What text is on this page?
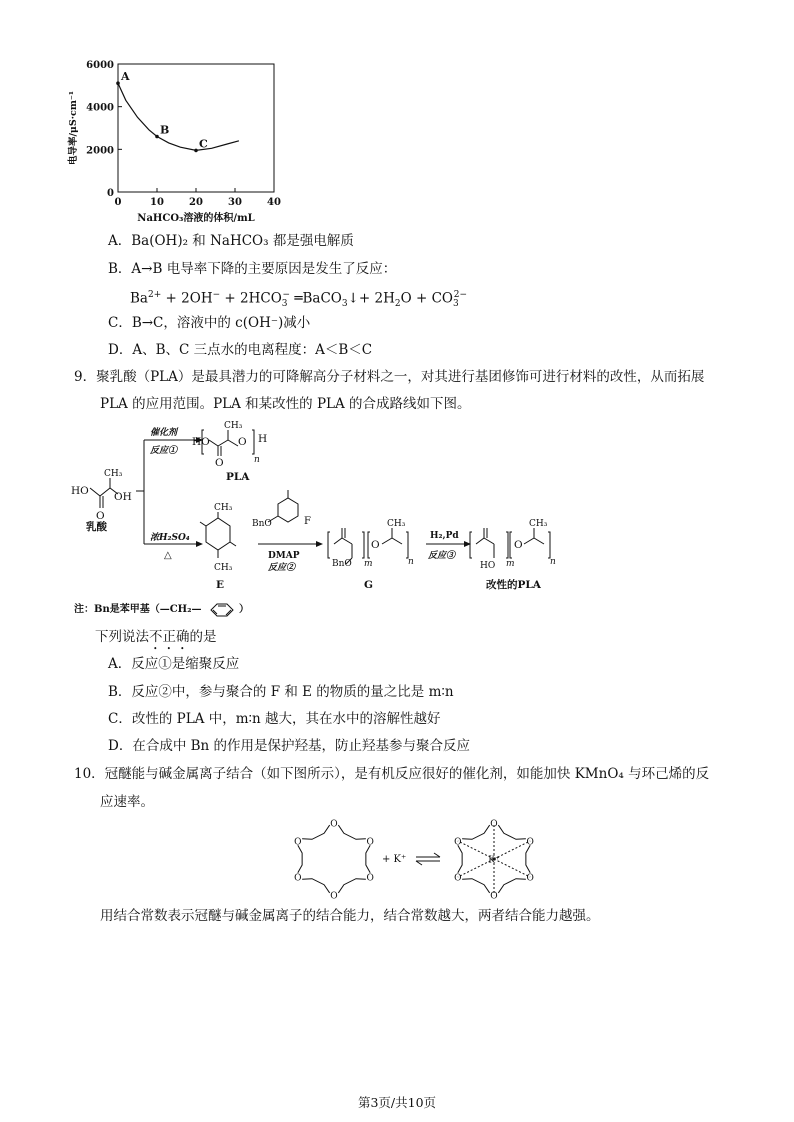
0	10	20	30	40
0
2000
4000
6000
A
B
C
NaHCO₃溶液的体积/mL
电导率/μS·cm⁻¹
A．Ba(OH)₂ 和 NaHCO₃ 都是强电解质
B．A→B 电导率下降的主要原因是发生了反应：
$Ba^{2+} + 2OH^- + 2HCO_3^-$ ═BaCO$_3$↓+ $2H_2O + CO_3^{2-}$
C．B→C，溶液中的 c(OH⁻)减小
D．A、B、C 三点水的电离程度：A＜B＜C
9．聚乳酸（PLA）是最具潜力的可降解高分子材料之一，对其进行基团修饰可进行材料的改性，从而拓展
PLA 的应用范围。PLA 和某改性的 PLA 的合成路线如下图。
HO OH
CH₃
O
乳酸
催化剂
反应①
HO
CH₃
O
O
n
H
PLA
浓H₂SO₄
△
CH₃
CH₃
E
BnO	F
DMAP
反应②	BnO m
O
CH₃
n
G
H₂,Pd
反应③
HO m
O
CH₃
n
改性的PLA
注：Bn是苯甲基（—CH₂—	）
下列说法不正确的是
A．反应①是缩聚反应
B．反应②中，参与聚合的 F 和 E 的物质的量之比是 m∶n
C．改性的 PLA 中，m∶n 越大，其在水中的溶解性越好
D．在合成中 Bn 的作用是保护羟基，防止羟基参与聚合反应
10．冠醚能与碱金属离子结合（如下图所示），是有机反应很好的催化剂，如能加快 KMnO₄ 与环己烯的反
应速率。
+ K⁺
O
O
O
O
O
O
O
O
O
O
O
O
K⁺
用结合常数表示冠醚与碱金属离子的结合能力，结合常数越大，两者结合能力越强。
第3页/共10页
